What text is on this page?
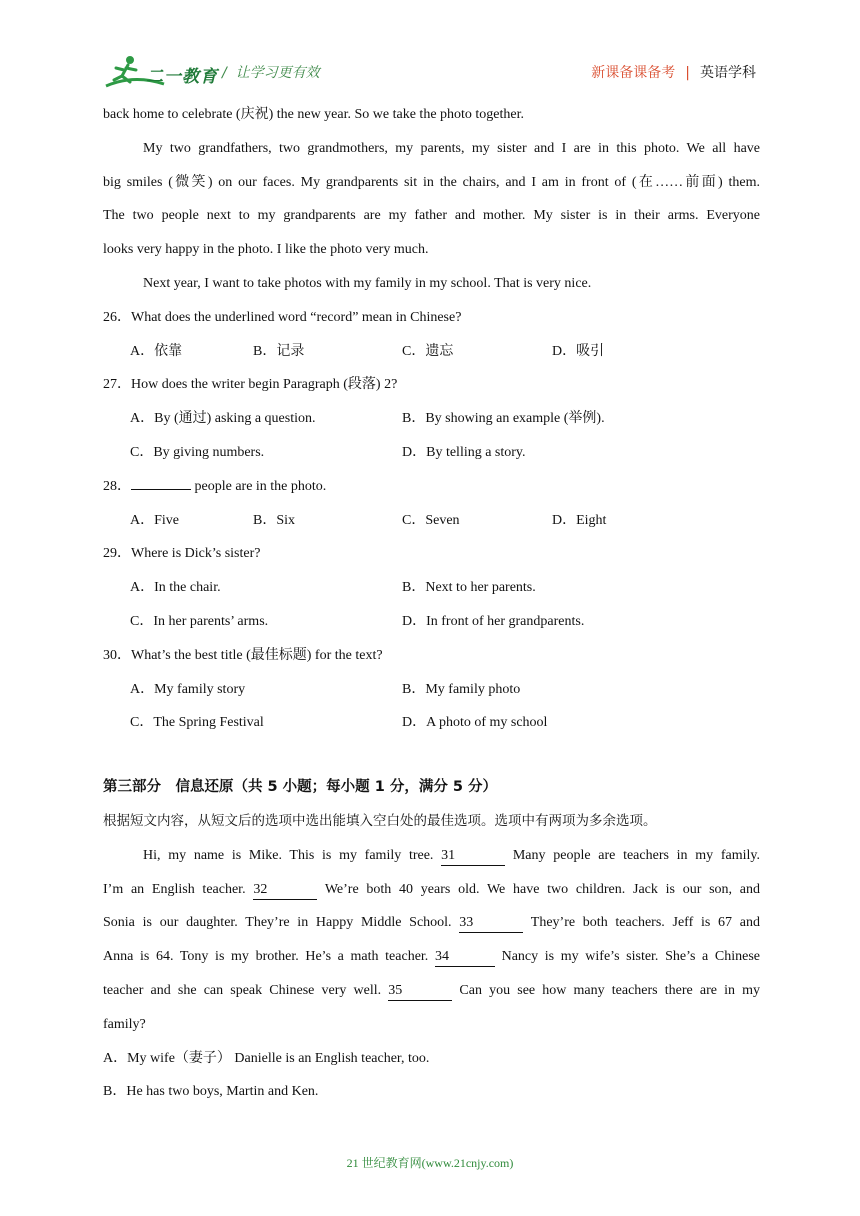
二一教育 / 让学习更有效	新课备课备考 | 英语学科
back home to celebrate (庆祝) the new year. So we take the photo together.
My two grandfathers, two grandmothers, my parents, my sister and I are in this photo. We all have
big smiles (微笑) on our faces. My grandparents sit in the chairs, and I am in front of (在……前面) them.
The two people next to my grandparents are my father and mother. My sister is in their arms. Everyone
looks very happy in the photo. I like the photo very much.
Next year, I want to take photos with my family in my school. That is very nice.
26．What does the underlined word “record” mean in Chinese?
A．依靠	B．记录	C．遗忘	D．吸引
27．How does the writer begin Paragraph (段落) 2?
A．By (通过) asking a question.	B．By showing an example (举例).
C．By giving numbers.	D．By telling a story.
28．	people are in the photo.
A．Five	B．Six	C．Seven	D．Eight
29．Where is Dick’s sister?
A．In the chair.	B．Next to her parents.
C．In her parents’ arms.	D．In front of her grandparents.
30．What’s the best title (最佳标题) for the text?
A．My family story	B．My family photo
C．The Spring Festival	D．A photo of my school
第三部分　信息还原（共 5 小题；每小题 1 分，满分 5 分）
根据短文内容，从短文后的选项中选出能填入空白处的最佳选项。选项中有两项为多余选项。
Hi, my name is Mike. This is my family tree. 31	Many people are teachers in my family.
I’m an English teacher. 32	We’re both 40 years old. We have two children. Jack is our son, and
Sonia is our daughter. They’re in Happy Middle School. 33	They’re both teachers. Jeff is 67 and
Anna is 64. Tony is my brother. He’s a math teacher. 34	Nancy is my wife’s sister. She’s a Chinese
teacher and she can speak Chinese very well. 35	Can you see how many teachers there are in my
family?
A．My wife（妻子） Danielle is an English teacher, too.
B．He has two boys, Martin and Ken.
21 世纪教育网(www.21cnjy.com)
